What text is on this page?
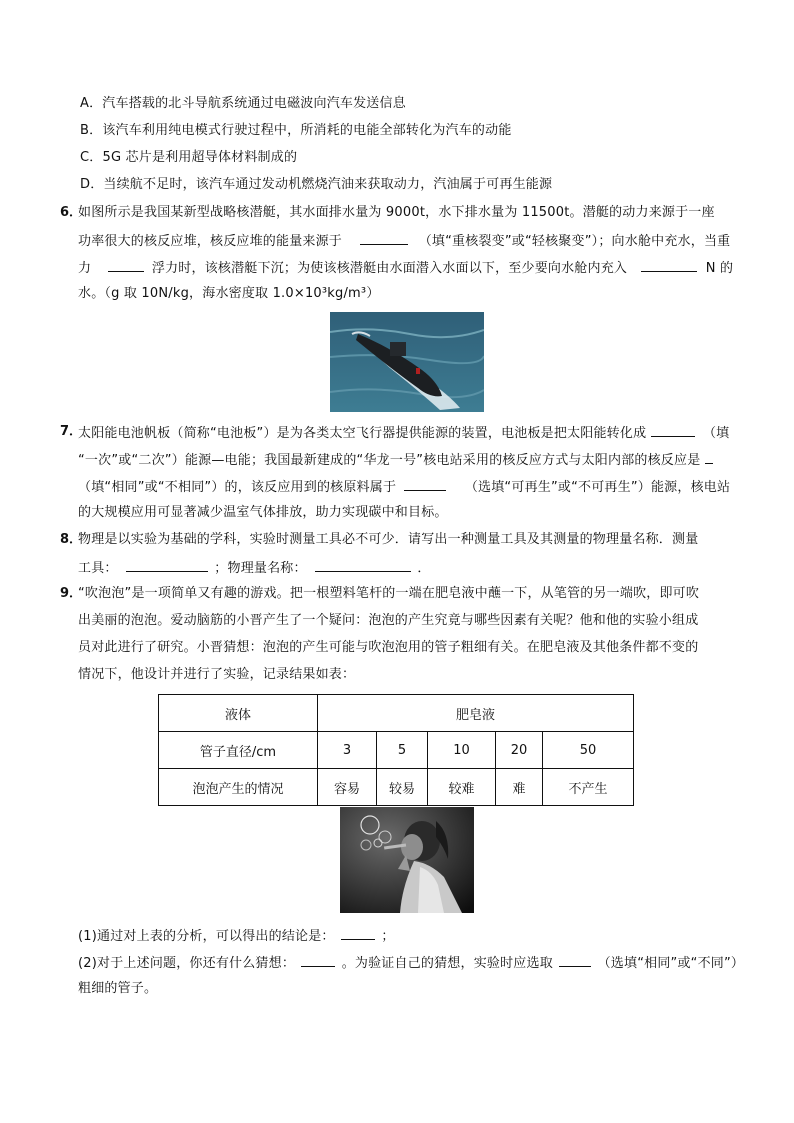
A．汽车搭载的北斗导航系统通过电磁波向汽车发送信息
B．该汽车利用纯电模式行驶过程中，所消耗的电能全部转化为汽车的动能
C．5G 芯片是利用超导体材料制成的
D．当续航不足时，该汽车通过发动机燃烧汽油来获取动力，汽油属于可再生能源
6．
如图所示是我国某新型战略核潜艇，其水面排水量为 9000t，水下排水量为 11500t。潜艇的动力来源于一座
功率很大的核反应堆，核反应堆的能量来源于	（填“重核裂变”或“轻核聚变”）；向水舱中充水，当重
力	浮力时，该核潜艇下沉；为使该核潜艇由水面潜入水面以下，至少要向水舱内充入	N 的
水。（g 取 10N/kg，海水密度取 1.0×10³kg/m³）
7．
太阳能电池帆板（简称“电池板”）是为各类太空飞行器提供能源的装置，电池板是把太阳能转化成	（填
“一次”或“二次”）能源—电能；我国最新建成的“华龙一号”核电站采用的核反应方式与太阳内部的核反应是
（填“相同”或“不相同”）的，该反应用到的核原料属于	（选填“可再生”或“不可再生”）能源，核电站
的大规模应用可显著减少温室气体排放，助力实现碳中和目标。
8．
物理是以实验为基础的学科，实验时测量工具必不可少．请写出一种测量工具及其测量的物理量名称．测量
工具：	；物理量名称：	．
9．
“吹泡泡”是一项简单又有趣的游戏。把一根塑料笔杆的一端在肥皂液中蘸一下，从笔管的另一端吹，即可吹
出美丽的泡泡。爱动脑筋的小晋产生了一个疑问：泡泡的产生究竟与哪些因素有关呢？他和他的实验小组成
员对此进行了研究。小晋猜想：泡泡的产生可能与吹泡泡用的管子粗细有关。在肥皂液及其他条件都不变的
情况下，他设计并进行了实验，记录结果如表：
液体	肥皂液				
管子直径/cm	3	5	10	20	50
泡泡产生的情况	容易	较易	较难	难	不产生
(1)通过对上表的分析，可以得出的结论是：	；
(2)对于上述问题，你还有什么猜想：	。为验证自己的猜想，实验时应选取	（选填“相同”或“不同”）
粗细的管子。
